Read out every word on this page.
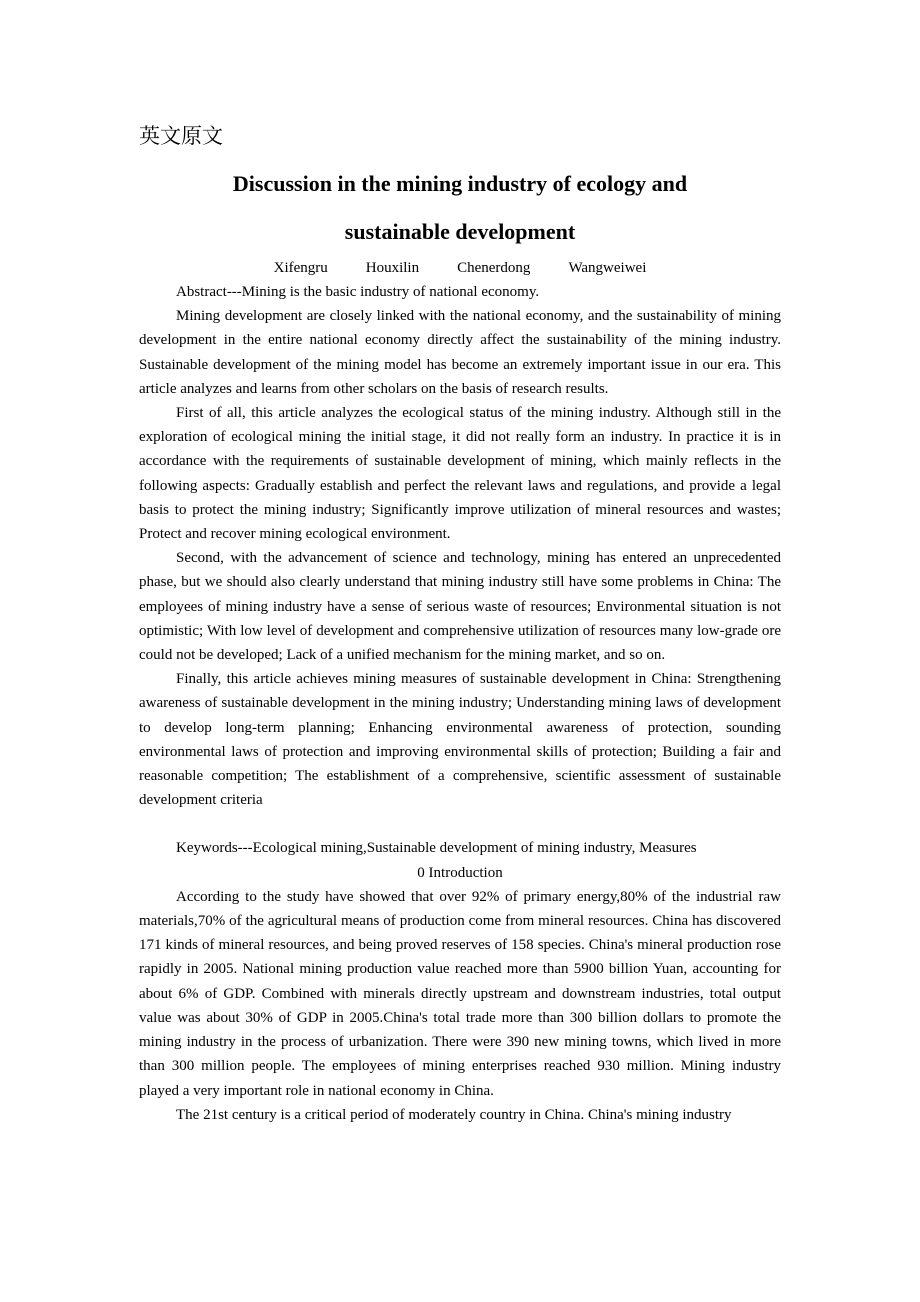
英文原文

Discussion in the mining industry of ecology and

sustainable development

Xifengru	Houxilin	Chenerdong	Wangweiwei

Abstract---Mining is the basic industry of national economy.

Mining development are closely linked with the national economy, and the sustainability of mining development in the entire national economy directly affect the sustainability of the mining industry. Sustainable development of the mining model has become an extremely important issue in our era. This article analyzes and learns from other scholars on the basis of research results.

First of all, this article analyzes the ecological status of the mining industry. Although still in the exploration of ecological mining the initial stage, it did not really form an industry. In practice it is in accordance with the requirements of sustainable development of mining, which mainly reflects in the following aspects: Gradually establish and perfect the relevant laws and regulations, and provide a legal basis to protect the mining industry; Significantly improve utilization of mineral resources and wastes; Protect and recover mining ecological environment.

Second, with the advancement of science and technology, mining has entered an unprecedented phase, but we should also clearly understand that mining industry still have some problems in China: The employees of mining industry have a sense of serious waste of resources; Environmental situation is not optimistic; With low level of development and comprehensive utilization of resources many low-grade ore could not be developed; Lack of a unified mechanism for the mining market, and so on.

Finally, this article achieves mining measures of sustainable development in China: Strengthening awareness of sustainable development in the mining industry; Understanding mining laws of development to develop long-term planning; Enhancing environmental awareness of protection, sounding environmental laws of protection and improving environmental skills of protection; Building a fair and reasonable competition; The establishment of a comprehensive, scientific assessment of sustainable development criteria

Keywords---Ecological mining,Sustainable development of mining industry, Measures

0 Introduction

According to the study have showed that over 92% of primary energy,80% of the industrial raw materials,70% of the agricultural means of production come from mineral resources. China has discovered 171 kinds of mineral resources, and being proved reserves of 158 species. China's mineral production rose rapidly in 2005. National mining production value reached more than 5900 billion Yuan, accounting for about 6% of GDP. Combined with minerals directly upstream and downstream industries, total output value was about 30% of GDP in 2005.China's total trade more than 300 billion dollars to promote the mining industry in the process of urbanization. There were 390 new mining towns, which lived in more than 300 million people. The employees of mining enterprises reached 930 million. Mining industry played a very important role in national economy in China.

The 21st century is a critical period of moderately country in China. China's mining industry
